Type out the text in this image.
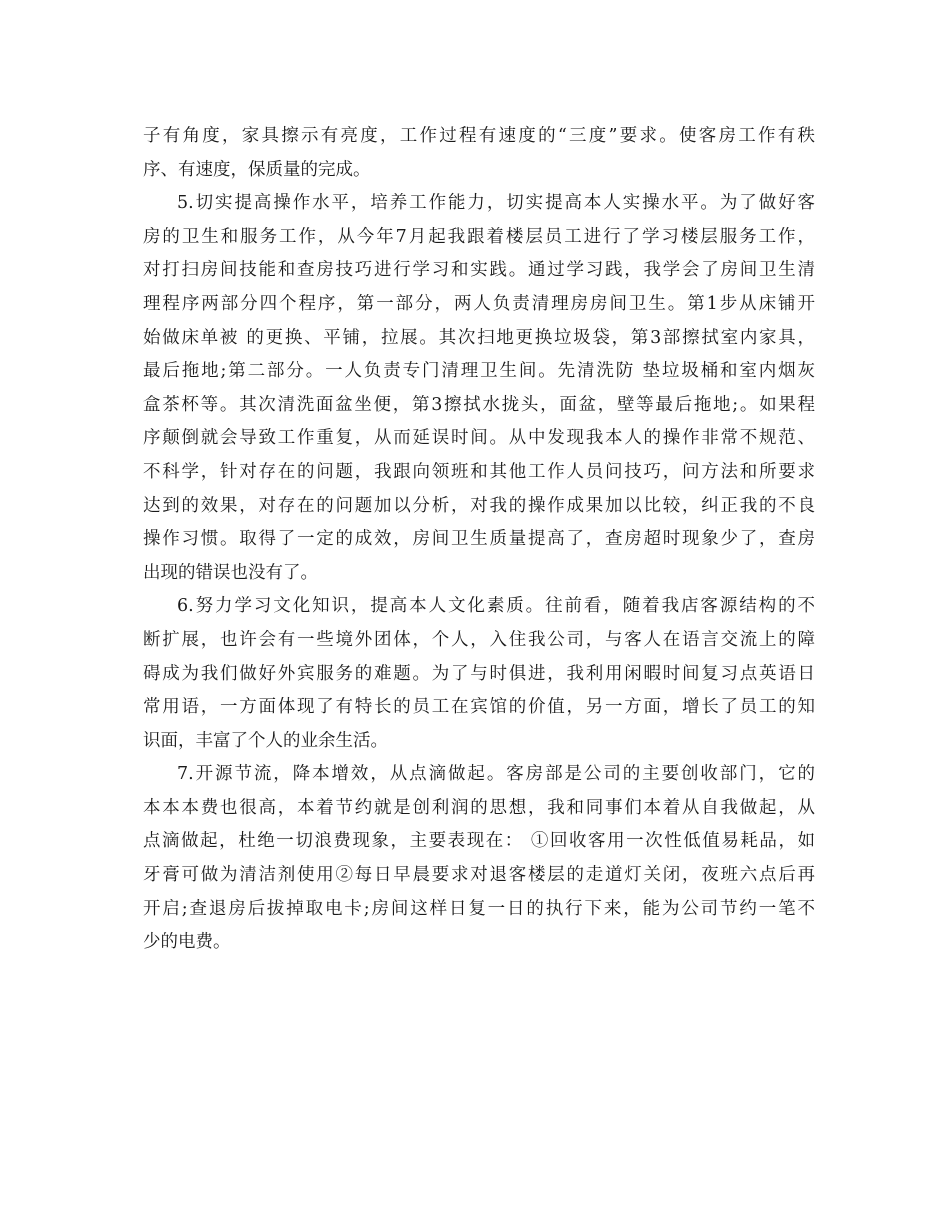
子有角度，家具擦示有亮度，工作过程有速度的“三度”要求。使客房工作有秩
序、有速度，保质量的完成。
5.切实提高操作水平，培养工作能力，切实提高本人实操水平。为了做好客
房的卫生和服务工作，从今年7月起我跟着楼层员工进行了学习楼层服务工作，
对打扫房间技能和查房技巧进行学习和实践。通过学习践，我学会了房间卫生清
理程序两部分四个程序，第一部分，两人负责清理房房间卫生。第1步从床铺开
始做床单被 的更换、平铺，拉展。其次扫地更换垃圾袋，第3部擦拭室内家具，
最后拖地;第二部分。一人负责专门清理卫生间。先清洗防 垫垃圾桶和室内烟灰
盒茶杯等。其次清洗面盆坐便，第3擦拭水拢头，面盆，壁等最后拖地;。如果程
序颠倒就会导致工作重复，从而延误时间。从中发现我本人的操作非常不规范、
不科学，针对存在的问题，我跟向领班和其他工作人员问技巧，问方法和所要求
达到的效果，对存在的问题加以分析，对我的操作成果加以比较，纠正我的不良
操作习惯。取得了一定的成效，房间卫生质量提高了，查房超时现象少了，查房
出现的错误也没有了。
6.努力学习文化知识，提高本人文化素质。往前看，随着我店客源结构的不
断扩展，也许会有一些境外团体，个人，入住我公司，与客人在语言交流上的障
碍成为我们做好外宾服务的难题。为了与时俱进，我利用闲暇时间复习点英语日
常用语，一方面体现了有特长的员工在宾馆的价值，另一方面，增长了员工的知
识面，丰富了个人的业余生活。
7.开源节流，降本增效，从点滴做起。客房部是公司的主要创收部门，它的
本本本费也很高，本着节约就是创利润的思想，我和同事们本着从自我做起，从
点滴做起，杜绝一切浪费现象，主要表现在： ①回收客用一次性低值易耗品，如
牙膏可做为清洁剂使用②每日早晨要求对退客楼层的走道灯关闭，夜班六点后再
开启;查退房后拔掉取电卡;房间这样日复一日的执行下来，能为公司节约一笔不
少的电费。
